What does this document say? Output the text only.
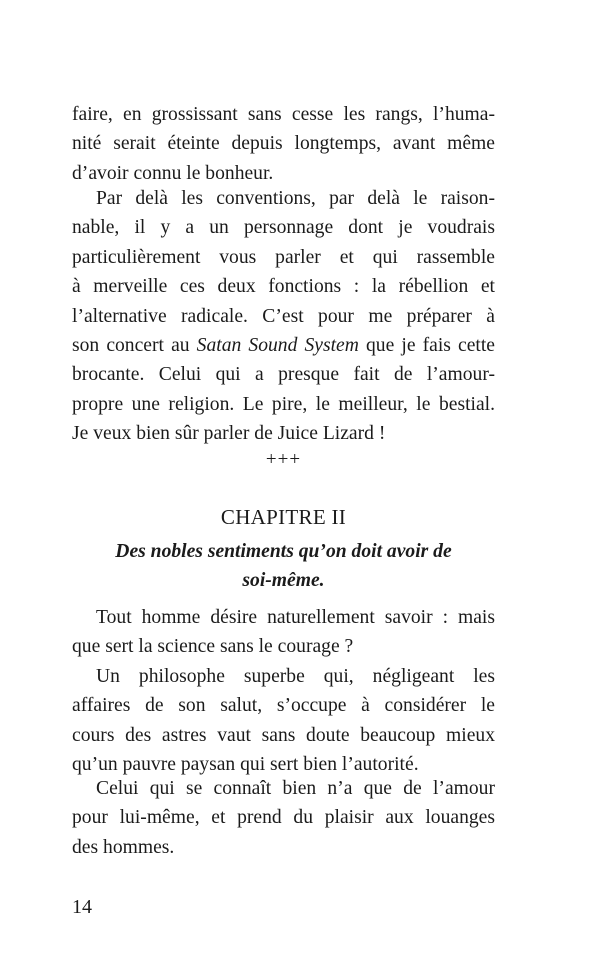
faire, en grossissant sans cesse les rangs, l’huma-
nité serait éteinte depuis longtemps, avant même
d’avoir connu le bonheur.
Par delà les conventions, par delà le raison-
nable, il y a un personnage dont je voudrais
particulièrement vous parler et qui rassemble
à merveille ces deux fonctions : la rébellion et
l’alternative radicale. C’est pour me préparer à
son concert au Satan Sound System que je fais cette
brocante. Celui qui a presque fait de l’amour-
propre une religion. Le pire, le meilleur, le bestial.
Je veux bien sûr parler de Juice Lizard !
+++
CHAPITRE II
Des nobles sentiments qu’on doit avoir de
soi-même.
Tout homme désire naturellement savoir : mais
que sert la science sans le courage ?
Un philosophe superbe qui, négligeant les
affaires de son salut, s’occupe à considérer le
cours des astres vaut sans doute beaucoup mieux
qu’un pauvre paysan qui sert bien l’autorité.
Celui qui se connaît bien n’a que de l’amour
pour lui-même, et prend du plaisir aux louanges
des hommes.
14
